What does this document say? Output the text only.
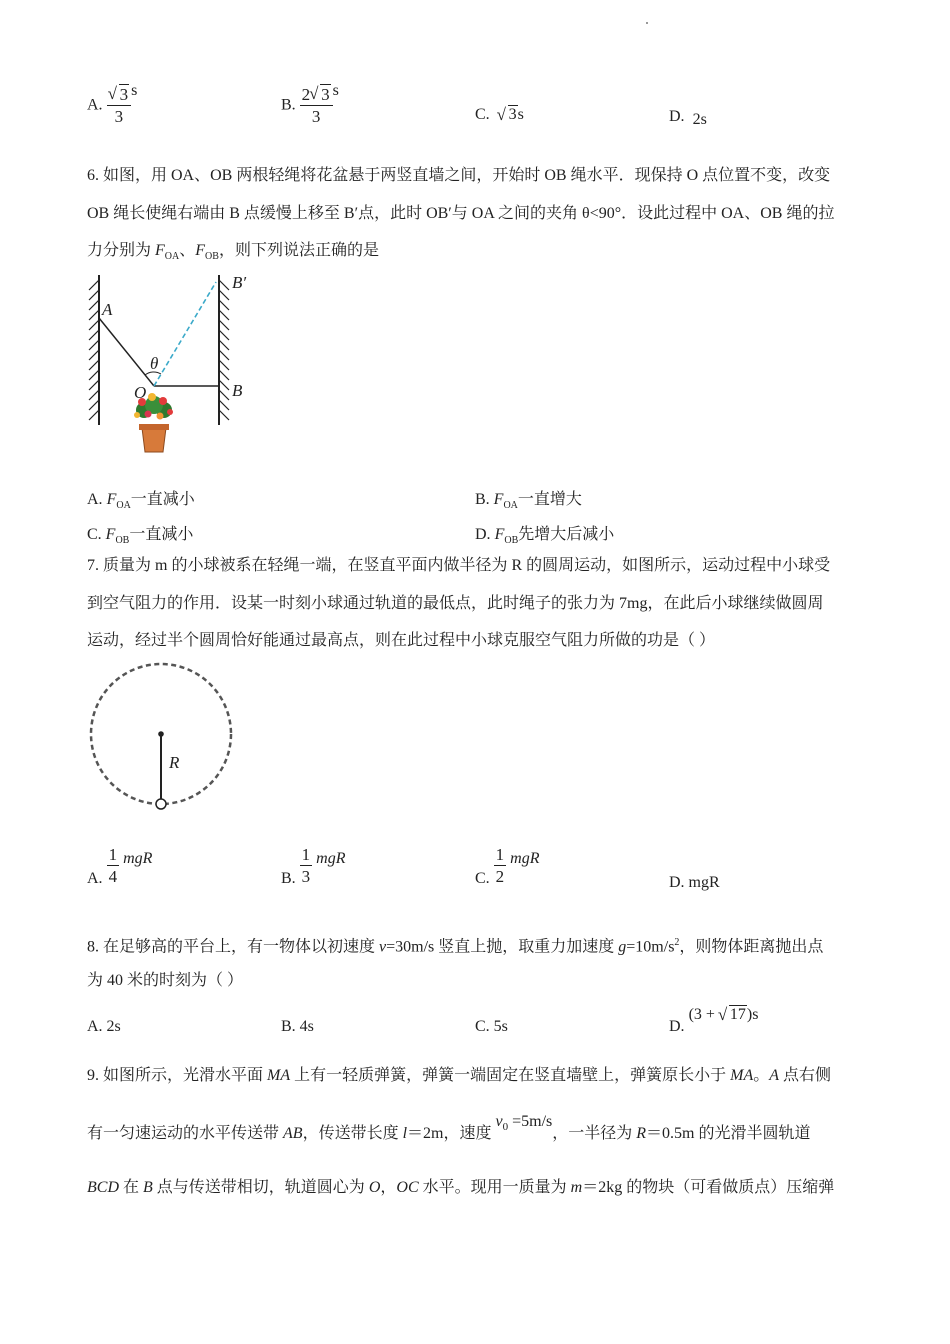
A. √ $\frac{3}{3}$ s
B. $\frac{2 √ 3}{3}$ s
C. √ 3s	D. 2s
6. 如图，用 OA、OB 两根轻绳将花盆悬于两竖直墙之间，开始时 OB 绳水平．现保持 O 点位置不变，改变
OB 绳长使绳右端由 B 点缓慢上移至 B′点，此时 OB′与 OA 之间的夹角 θ<90°．设此过程中 OA、OB 绳的拉
力分别为 $F_{OA}$、$F_{OB}$，则下列说法正确的是
A
B′
B
O
θ
A. $F_{OA}$一直减小	B. $F_{OA}$一直增大
C. $F_{OB}$一直减小	D. $F_{OB}$先增大后减小
7. 质量为 m 的小球被系在轻绳一端，在竖直平面内做半径为 R 的圆周运动，如图所示，运动过程中小球受
到空气阻力的作用．设某一时刻小球通过轨道的最低点，此时绳子的张力为 7mg，在此后小球继续做圆周
运动，经过半个圆周恰好能通过最高点，则在此过程中小球克服空气阻力所做的功是（ ）
R
A. $\frac{1}{4}$ mgR
B. $\frac{1}{3}$ mgR
C. $\frac{1}{2}$ mgR
D. mgR
8. 在足够高的平台上，有一物体以初速度 v=30m/s 竖直上抛，取重力加速度 $g=10m/s^2$，则物体距离抛出点
为 40 米的时刻为（ ）
A. 2s	B. 4s	C. 5s	D. (3 + √ 17)s
9. 如图所示，光滑水平面 MA 上有一轻质弹簧，弹簧一端固定在竖直墙壁上，弹簧原长小于 MA。A 点右侧
有一匀速运动的水平传送带 AB，传送带长度 l＝2m，速度 $v_0 =5m/s$，一半径为 R＝0.5m 的光滑半圆轨道
BCD 在 B 点与传送带相切，轨道圆心为 O，OC 水平。现用一质量为 m＝2kg 的物块（可看做质点）压缩弹
